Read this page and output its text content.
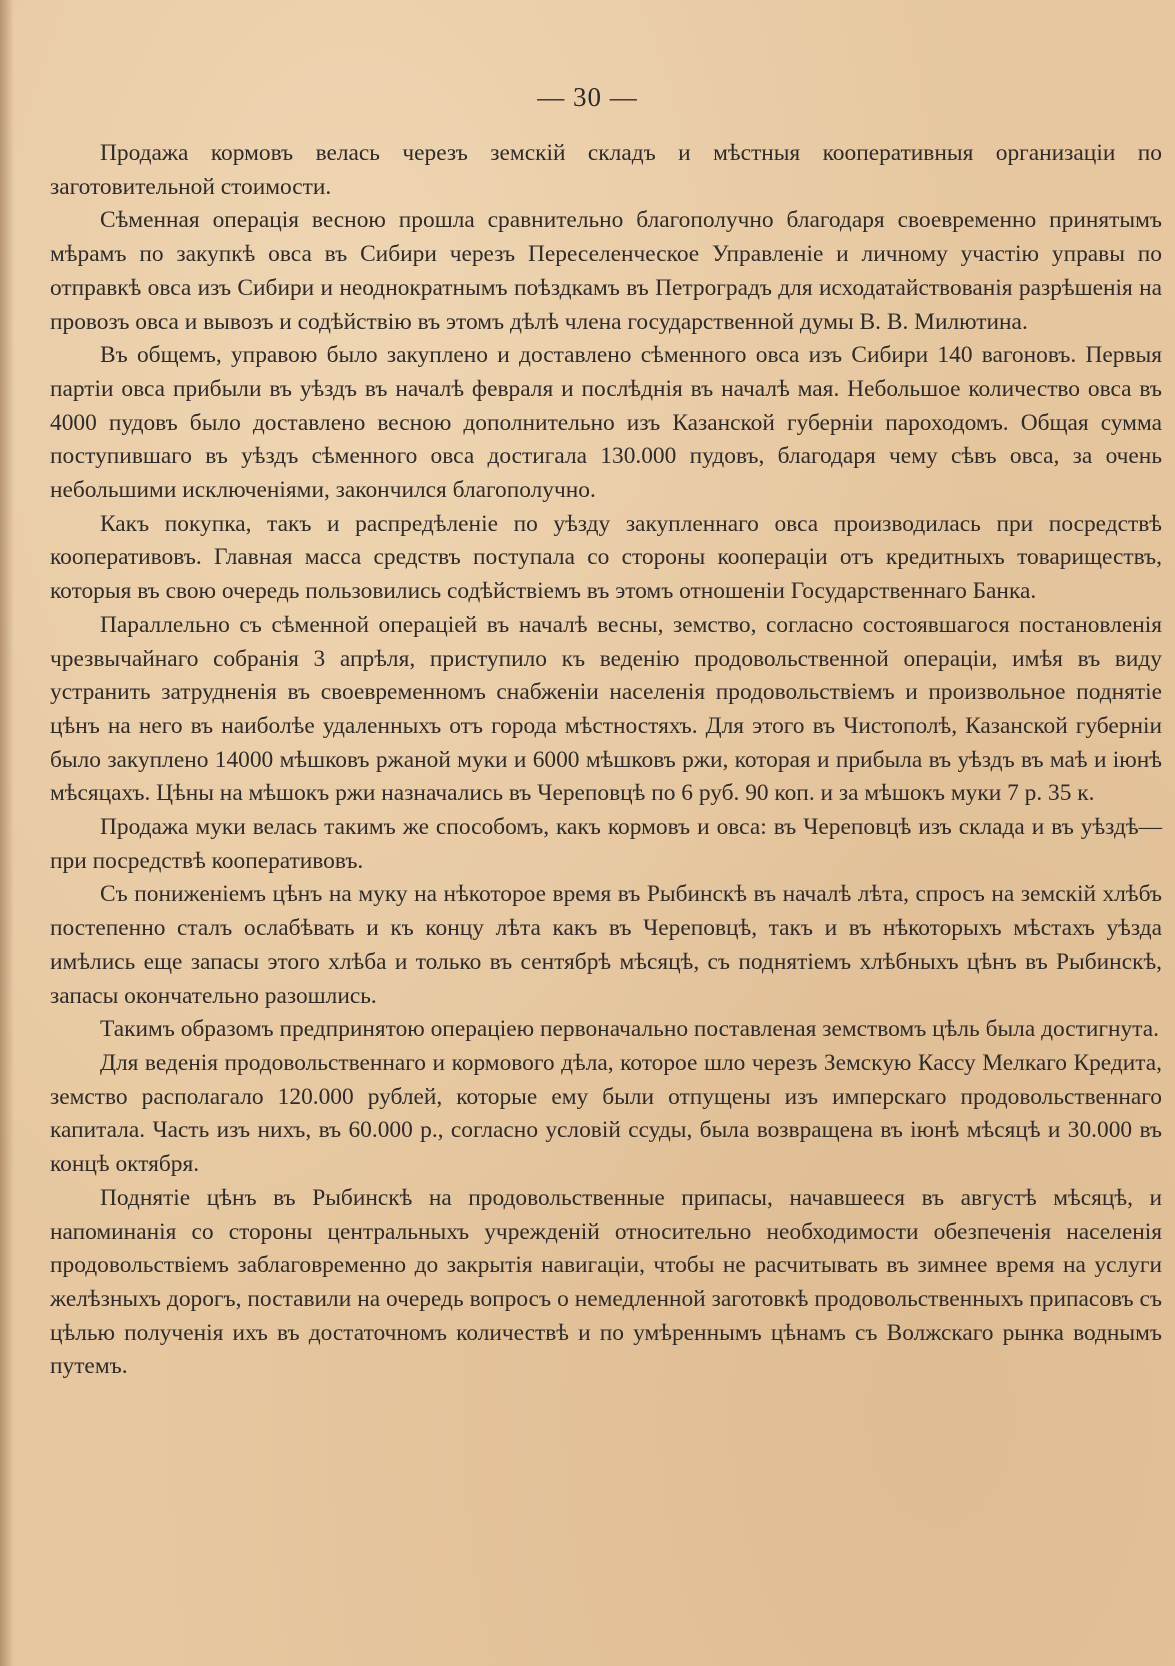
— 30 —

Продажа кормовъ велась черезъ земскій складъ и мѣстныя кооперативныя организаціи по заготовительной стоимости.

Сѣменная операція весною прошла сравнительно благополучно благодаря своевременно принятымъ мѣрамъ по закупкѣ овса въ Сибири черезъ Переселенческое Управленіе и личному участію управы по отправкѣ овса изъ Сибири и неоднократнымъ поѣздкамъ въ Петроградъ для исходатайствованія разрѣшенія на провозъ овса и вывозъ и содѣйствію въ этомъ дѣлѣ члена государственной думы В. В. Милютина.

Въ общемъ, управою было закуплено и доставлено сѣменного овса изъ Сибири 140 вагоновъ. Первыя партіи овса прибыли въ уѣздъ въ началѣ февраля и послѣднія въ началѣ мая. Небольшое количество овса въ 4000 пудовъ было доставлено весною дополнительно изъ Казанской губерніи пароходомъ. Общая сумма поступившаго въ уѣздъ сѣменного овса достигала 130.000 пудовъ, благодаря чему сѣвъ овса, за очень небольшими исключеніями, закончился благополучно.

Какъ покупка, такъ и распредѣленіе по уѣзду закупленнаго овса производилась при посредствѣ кооперативовъ. Главная масса средствъ поступала со стороны коопераціи отъ кредитныхъ товариществъ, которыя въ свою очередь пользовились содѣйствіемъ въ этомъ отношеніи Государственнаго Банка.

Параллельно съ сѣменной операціей въ началѣ весны, земство, согласно состоявшагося постановленія чрезвычайнаго собранія 3 апрѣля, приступило къ веденію продовольственной операціи, имѣя въ виду устранить затрудненія въ своевременномъ снабженіи населенія продовольствіемъ и произвольное поднятіе цѣнъ на него въ наиболѣе удаленныхъ отъ города мѣстностяхъ. Для этого въ Чистополѣ, Казанской губерніи было закуплено 14000 мѣшковъ ржаной муки и 6000 мѣшковъ ржи, которая и прибыла въ уѣздъ въ маѣ и іюнѣ мѣсяцахъ. Цѣны на мѣшокъ ржи назначались въ Череповцѣ по 6 руб. 90 коп. и за мѣшокъ муки 7 р. 35 к.

Продажа муки велась такимъ же способомъ, какъ кормовъ и овса: въ Череповцѣ изъ склада и въ уѣздѣ—при посредствѣ кооперативовъ.

Съ пониженіемъ цѣнъ на муку на нѣкоторое время въ Рыбинскѣ въ началѣ лѣта, спросъ на земскій хлѣбъ постепенно сталъ ослабѣвать и къ концу лѣта какъ въ Череповцѣ, такъ и въ нѣкоторыхъ мѣстахъ уѣзда имѣлись еще запасы этого хлѣба и только въ сентябрѣ мѣсяцѣ, съ поднятіемъ хлѣбныхъ цѣнъ въ Рыбинскѣ, запасы окончательно разошлись.

Такимъ образомъ предпринятою операціею первоначально поставленая земствомъ цѣль была достигнута.

Для веденія продовольственнаго и кормового дѣла, которое шло черезъ Земскую Кассу Мелкаго Кредита, земство располагало 120.000 рублей, которые ему были отпущены изъ имперскаго продовольственнаго капитала. Часть изъ нихъ, въ 60.000 р., согласно условій ссуды, была возвращена въ іюнѣ мѣсяцѣ и 30.000 въ концѣ октября.

Поднятіе цѣнъ въ Рыбинскѣ на продовольственные припасы, начавшееся въ августѣ мѣсяцѣ, и напоминанія со стороны центральныхъ учрежденій относительно необходимости обезпеченія населенія продовольствіемъ заблаговременно до закрытія навигаціи, чтобы не расчитывать въ зимнее время на услуги желѣзныхъ дорогъ, поставили на очередь вопросъ о немедленной заготовкѣ продовольственныхъ припасовъ съ цѣлью полученія ихъ въ достаточномъ количествѣ и по умѣреннымъ цѣнамъ съ Волжскаго рынка воднымъ путемъ.
